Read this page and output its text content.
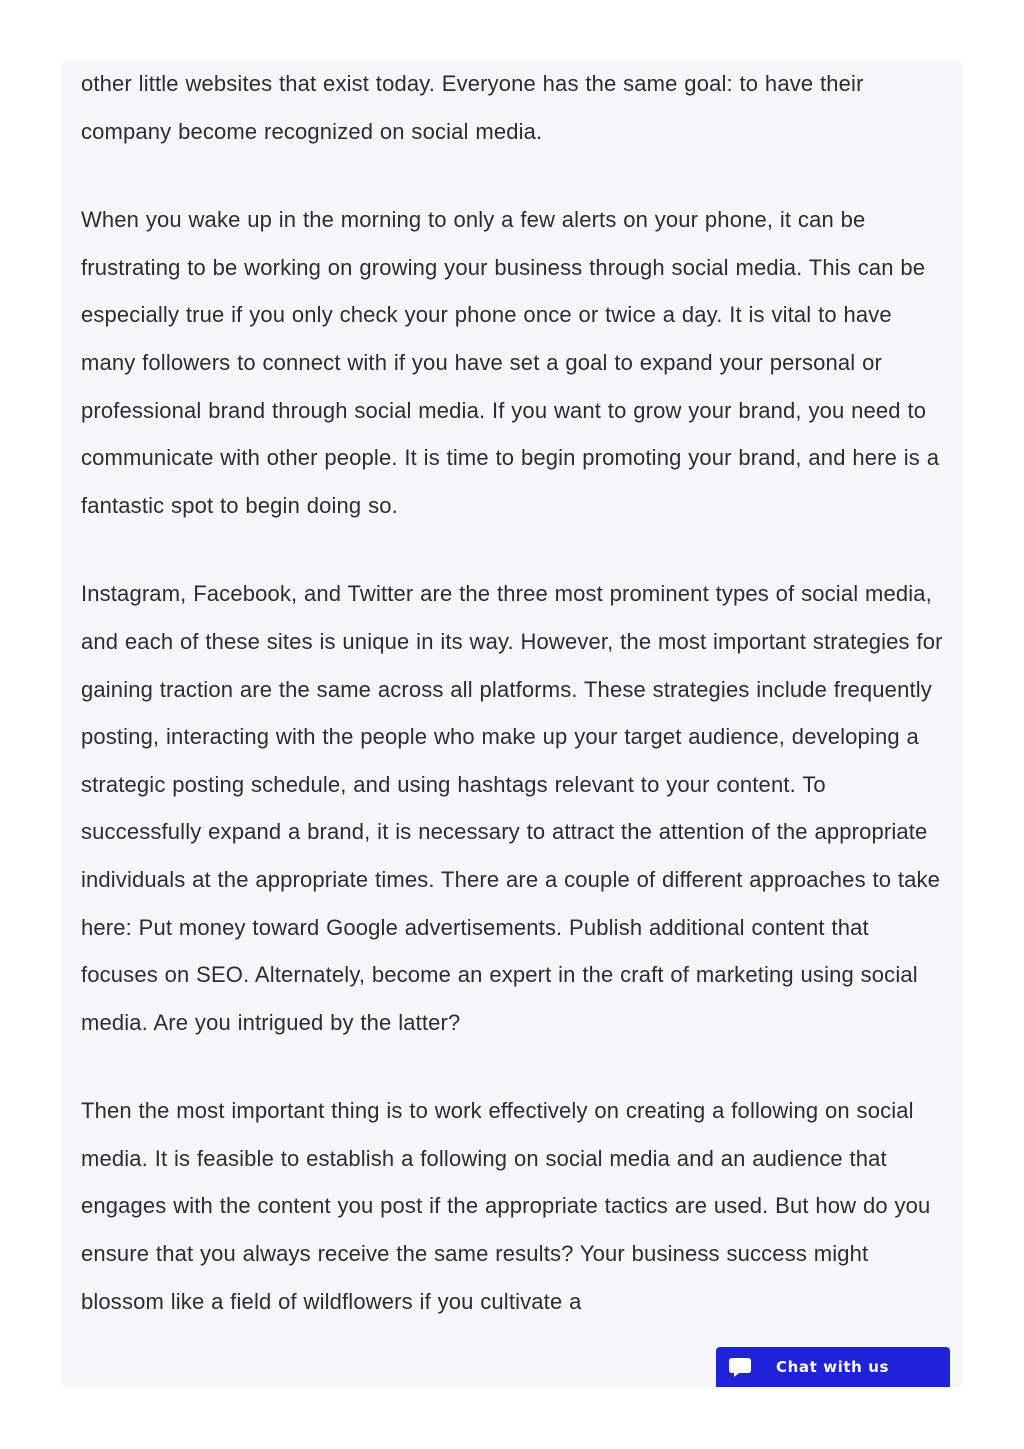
other little websites that exist today. Everyone has the same goal: to have their company become recognized on social media.

When you wake up in the morning to only a few alerts on your phone, it can be frustrating to be working on growing your business through social media. This can be especially true if you only check your phone once or twice a day. It is vital to have many followers to connect with if you have set a goal to expand your personal or professional brand through social media. If you want to grow your brand, you need to communicate with other people. It is time to begin promoting your brand, and here is a fantastic spot to begin doing so.

Instagram, Facebook, and Twitter are the three most prominent types of social media, and each of these sites is unique in its way. However, the most important strategies for gaining traction are the same across all platforms. These strategies include frequently posting, interacting with the people who make up your target audience, developing a strategic posting schedule, and using hashtags relevant to your content. To successfully expand a brand, it is necessary to attract the attention of the appropriate individuals at the appropriate times. There are a couple of different approaches to take here: Put money toward Google advertisements. Publish additional content that focuses on SEO. Alternately, become an expert in the craft of marketing using social media. Are you intrigued by the latter?

Then the most important thing is to work effectively on creating a following on social media. It is feasible to establish a following on social media and an audience that engages with the content you post if the appropriate tactics are used. But how do you ensure that you always receive the same results? Your business success might blossom like a field of wildflowers if you cultivate a

Chat with us
